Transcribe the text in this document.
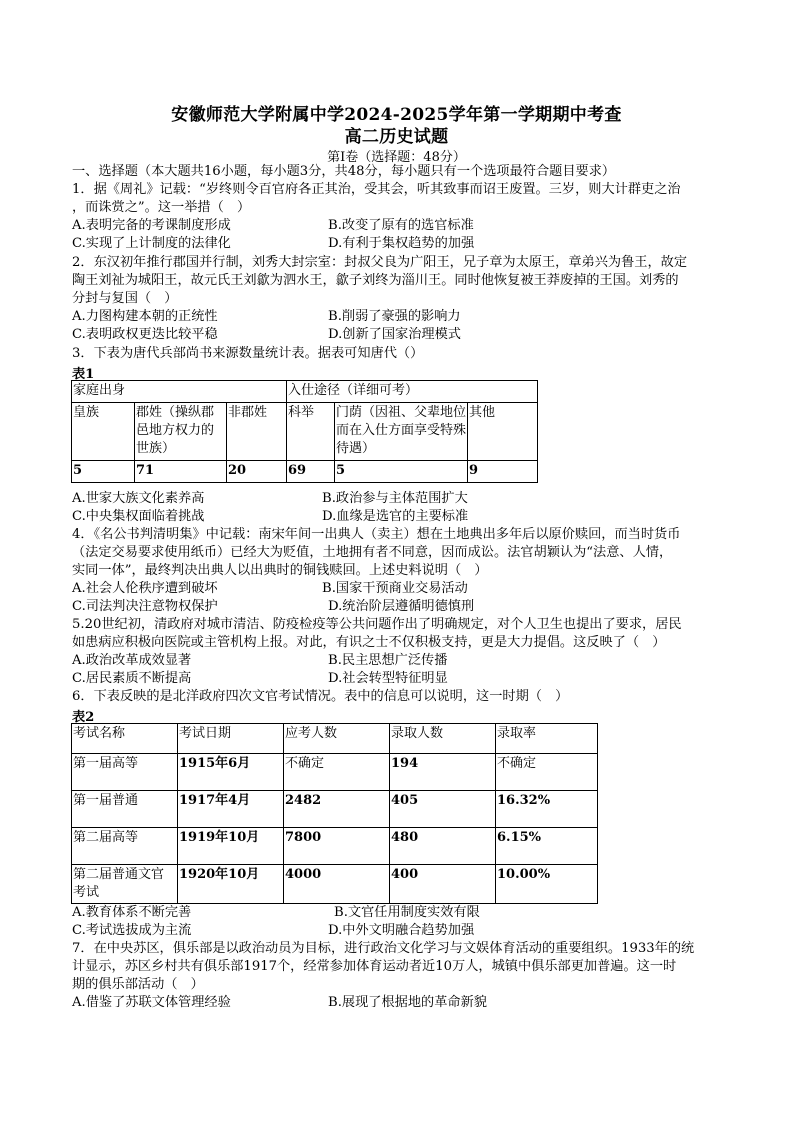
安徽师范大学附属中学2024-2025学年第一学期期中考查
高二历史试题
第Ⅰ卷（选择题：48分）
一、选择题（本大题共16小题，每小题3分，共48分，每小题只有一个选项最符合题目要求）
1．据《周礼》记载：“岁终则令百官府各正其治，受其会，听其致事而诏王废置。三岁，则大计群吏之治
，而诛赏之”。这一举措（　）
A.表明完备的考课制度形成	B.改变了原有的选官标准
C.实现了上计制度的法律化	D.有利于集权趋势的加强
2．东汉初年推行郡国并行制，刘秀大封宗室：封叔父良为广阳王，兄子章为太原王，章弟兴为鲁王，故定
陶王刘祉为城阳王，故元氏王刘歙为泗水王，歙子刘终为淄川王。同时他恢复被王莽废掉的王国。刘秀的
分封与复国（　）
A.力图构建本朝的正统性	B.削弱了豪强的影响力
C.表明政权更迭比较平稳	D.创新了国家治理模式
3．下表为唐代兵部尚书来源数量统计表。据表可知唐代（）
表1
家庭出身			入仕途径（详细可考）		
皇族	郡姓（操纵郡邑地方权力的世族）	非郡姓	科举	门荫（因祖、父辈地位而在入仕方面享受特殊待遇）	其他
5	71	20	69	5	9
A.世家大族文化素养高	B.政治参与主体范围扩大
C.中央集权面临着挑战	D.血缘是选官的主要标准
4．《名公书判清明集》中记载：南宋年间一出典人（卖主）想在土地典出多年后以原价赎回，而当时货币
（法定交易要求使用纸币）已经大为贬值，土地拥有者不同意，因而成讼。法官胡颖认为“法意、人情，
实同一体”，最终判决出典人以出典时的铜钱赎回。上述史料说明（　）
A.社会人伦秩序遭到破坏	B.国家干预商业交易活动
C.司法判决注意物权保护	D.统治阶层遵循明德慎刑
5.20世纪初，清政府对城市清洁、防疫检疫等公共问题作出了明确规定，对个人卫生也提出了要求，居民
如患病应积极向医院或主管机构上报。对此，有识之士不仅积极支持，更是大力提倡。这反映了（　）
A.政治改革成效显著	B.民主思想广泛传播
C.居民素质不断提高	D.社会转型特征明显
6．下表反映的是北洋政府四次文官考试情况。表中的信息可以说明，这一时期（　）
表2
考试名称	考试日期	应考人数	录取人数	录取率
第一届高等	1915年6月	不确定	194	不确定
第一届普通	1917年4月	2482	405	16.32%
第二届高等	1919年10月	7800	480	6.15%
第二届普通文官考试	1920年10月	4000	400	10.00%
A.教育体系不断完善	B.文官任用制度实效有限
C.考试选拔成为主流	D.中外文明融合趋势加强
7．在中央苏区，俱乐部是以政治动员为目标，进行政治文化学习与文娱体育活动的重要组织。1933年的统
计显示，苏区乡村共有俱乐部1917个，经常参加体育运动者近10万人，城镇中俱乐部更加普遍。这一时
期的俱乐部活动（　）
A.借鉴了苏联文体管理经验	B.展现了根据地的革命新貌
